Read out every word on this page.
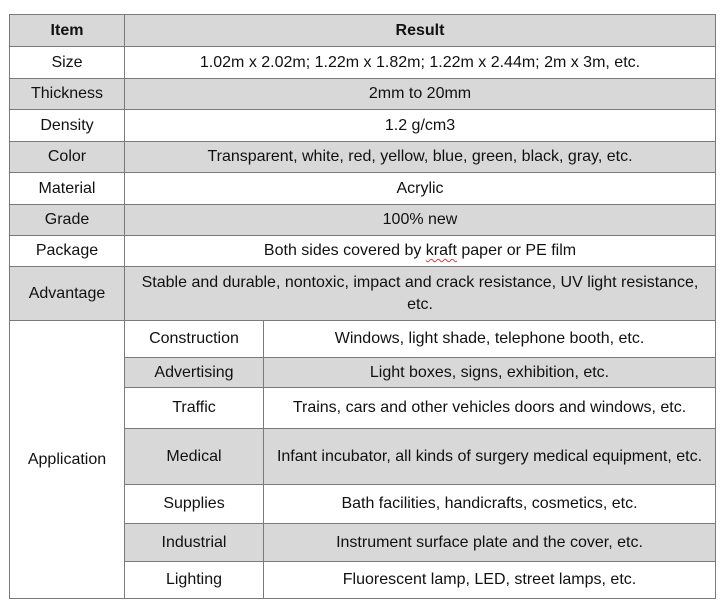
Item	Result	
Size	1.02m x 2.02m; 1.22m x 1.82m; 1.22m x 2.44m; 2m x 3m, etc.	
Thickness	2mm to 20mm	
Density	1.2 g/cm3	
Color	Transparent, white, red, yellow, blue, green, black, gray, etc.	
Material	Acrylic	
Grade	100% new	
Package	Both sides covered by kraft paper or PE film	
Advantage	Stable and durable, nontoxic, impact and crack resistance, UV light resistance, etc.	
Application	Construction	Windows, light shade, telephone booth, etc.
	Advertising	Light boxes, signs, exhibition, etc.
	Traffic	Trains, cars and other vehicles doors and windows, etc.
	Medical	Infant incubator, all kinds of surgery medical equipment, etc.
	Supplies	Bath facilities, handicrafts, cosmetics, etc.
	Industrial	Instrument surface plate and the cover, etc.
	Lighting	Fluorescent lamp, LED, street lamps, etc.
